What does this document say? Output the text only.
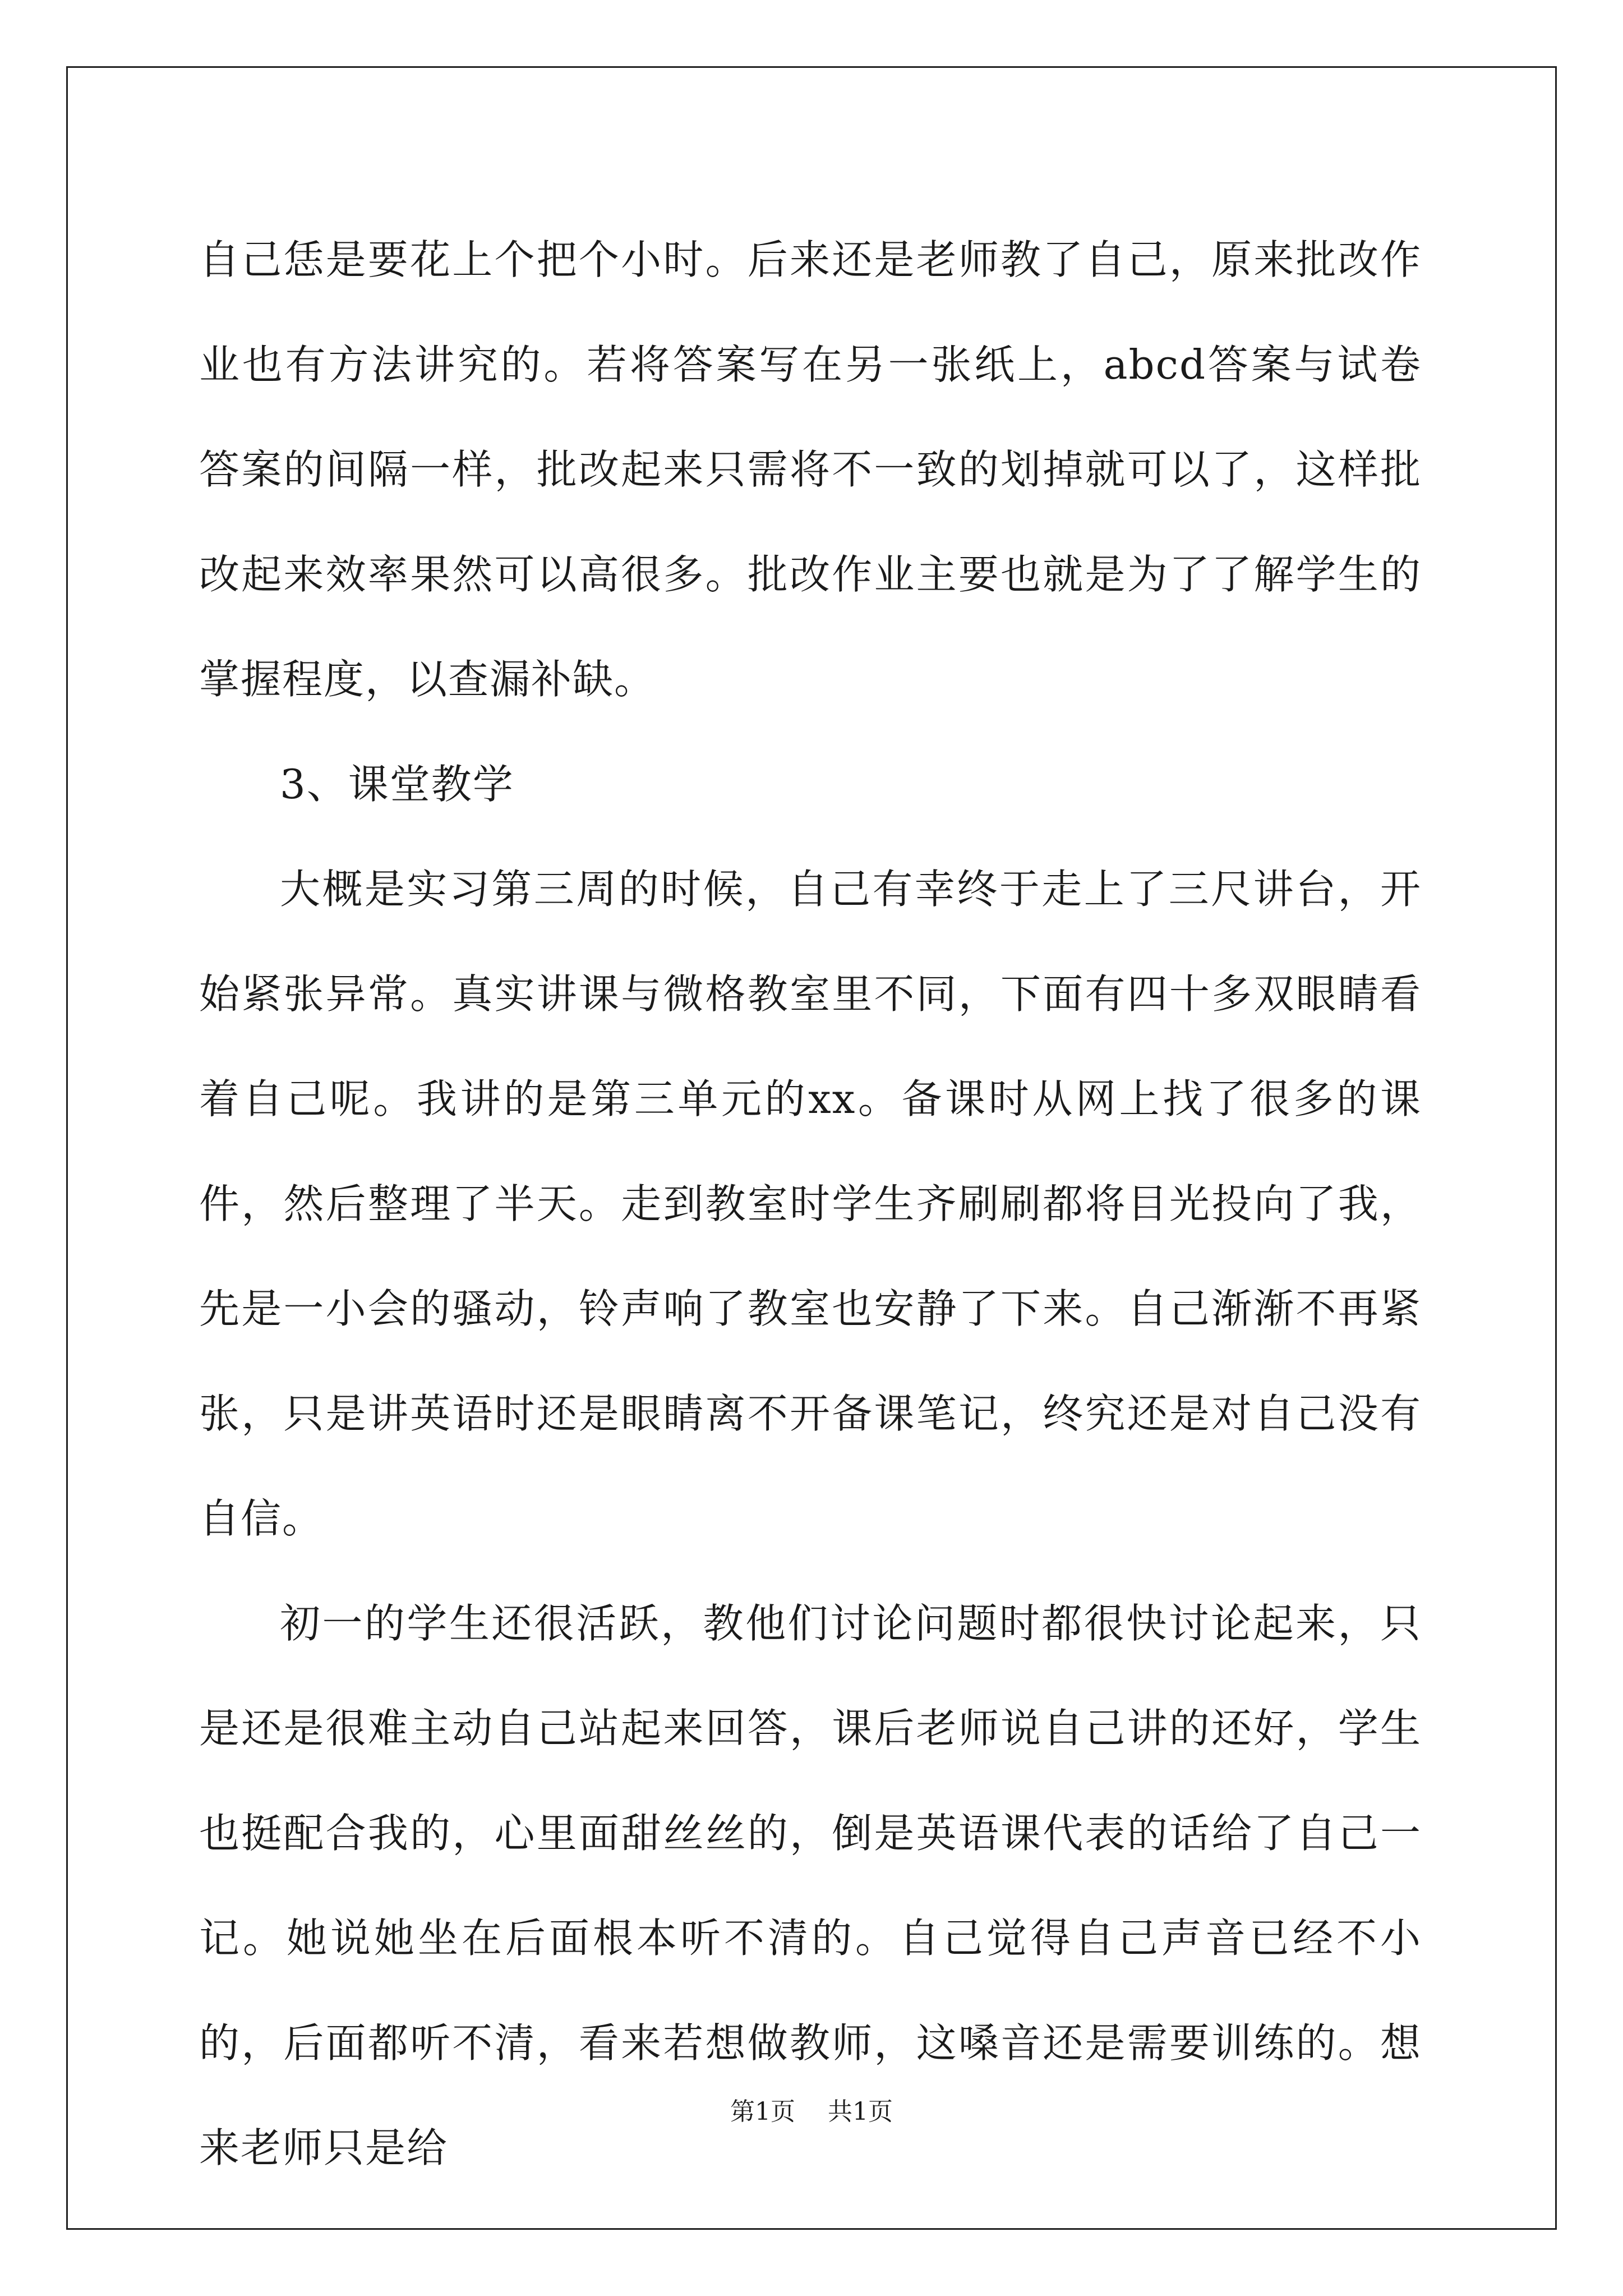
自己恁是要花上个把个小时。后来还是老师教了自己，原来批改作业也有方法讲究的。若将答案写在另一张纸上，abcd答案与试卷答案的间隔一样，批改起来只需将不一致的划掉就可以了，这样批改起来效率果然可以高很多。批改作业主要也就是为了了解学生的掌握程度，以查漏补缺。

3、课堂教学

大概是实习第三周的时候，自己有幸终于走上了三尺讲台，开始紧张异常。真实讲课与微格教室里不同，下面有四十多双眼睛看着自己呢。我讲的是第三单元的xx。备课时从网上找了很多的课件，然后整理了半天。走到教室时学生齐刷刷都将目光投向了我，先是一小会的骚动，铃声响了教室也安静了下来。自己渐渐不再紧张，只是讲英语时还是眼睛离不开备课笔记，终究还是对自己没有自信。

初一的学生还很活跃，教他们讨论问题时都很快讨论起来，只是还是很难主动自己站起来回答，课后老师说自己讲的还好，学生也挺配合我的，心里面甜丝丝的，倒是英语课代表的话给了自己一记。她说她坐在后面根本听不清的。自己觉得自己声音已经不小的，后面都听不清，看来若想做教师，这嗓音还是需要训练的。想来老师只是给

第1页 共1页
